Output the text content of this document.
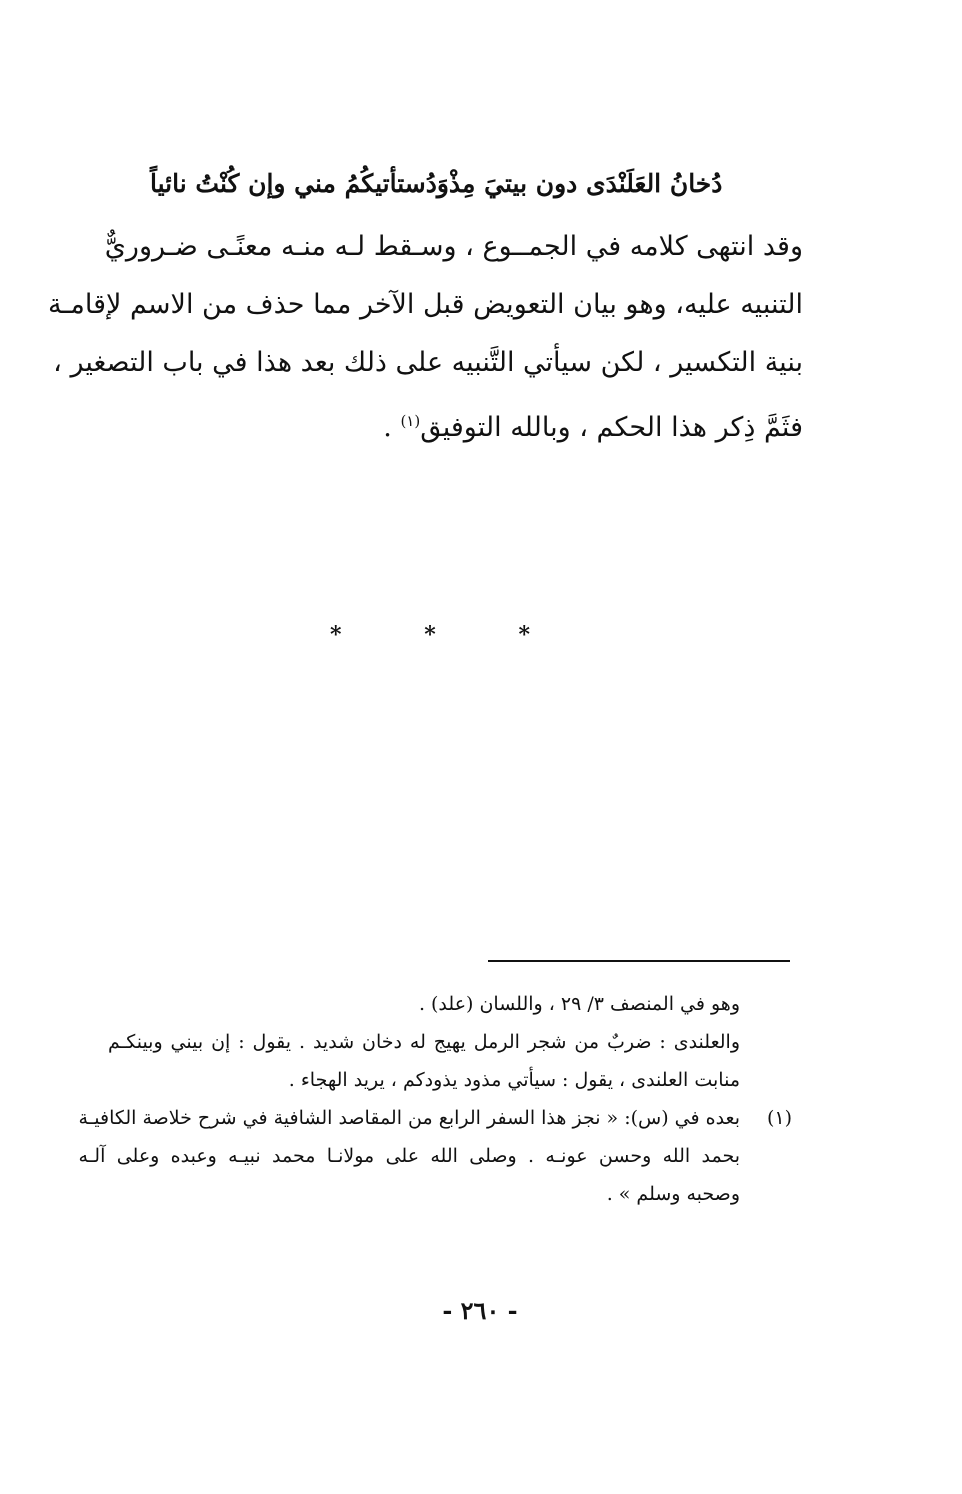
ستأتيكُمُ مني وإن كُنْتُ نائياً دُخانُ العَلَنْدَى دون بيتيَ مِذْوَدُ
وقد انتهى كلامه في الجمــوع ، وسـقط لـه منـه معنًـى ضـروريٌّ
التنبيه عليه، وهو بيان التعويض قبل الآخر مما حذف من الاسم لإقامـة
بنية التكسير ، لكن سيأتي التَّنبيه على ذلك بعد هذا في باب التصغير ،
فثَمَّ ذِكر هذا الحكم ، وبالله التوفيق$^{(١)}$ .
*	*	*
وهو في المنصف ٣/ ٢٩ ، واللسان (علد) .
والعلندى : ضربٌ من شجر الرمل يهيج له دخان شديد . يقول : إن بيني وبينكـم
منابت العلندى ، يقول : سيأتي مذود يذودكم ، يريد الهجاء .
(١)
بعده في (س): « نجز هذا السفر الرابع من المقاصد الشافية في شرح خلاصة الكافيـة
بحمد الله وحسن عونـه . وصلى الله على مولانـا محمد نبيـه وعبده وعلى آلـه
وصحبه وسلم » .
- ٢٦٠ -
